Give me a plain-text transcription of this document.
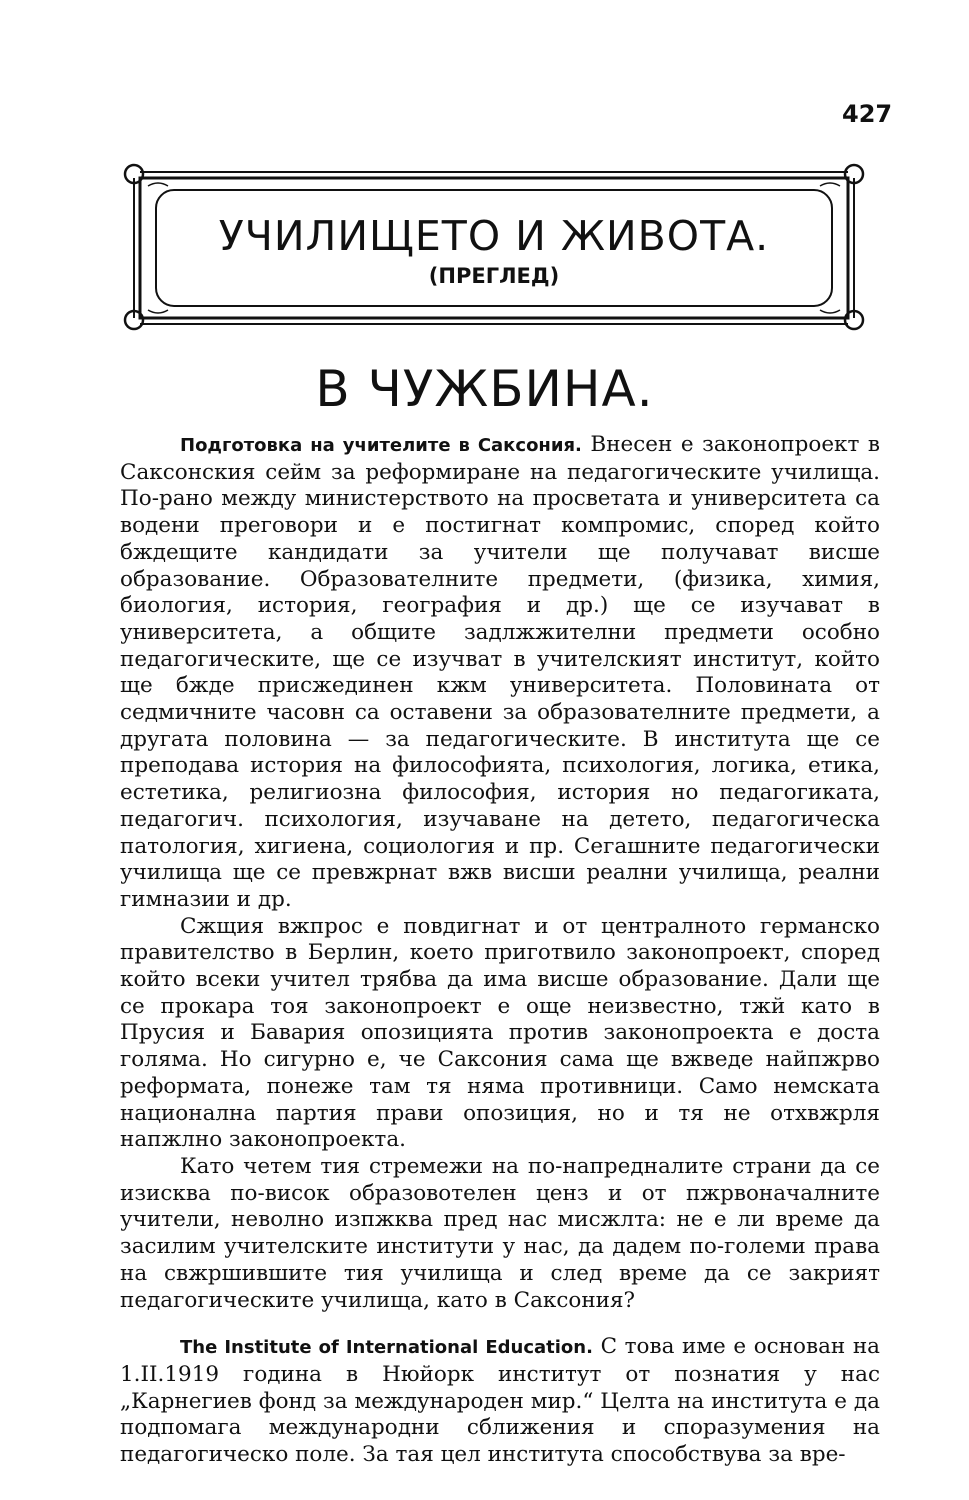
427
УЧИЛИЩЕТО И ЖИВОТА.
(ПРЕГЛЕД)
В ЧУЖБИНА.

Подготовка на учителите в Саксония. Внесен е законопроект в Саксонския сейм за реформиране на педагогическите училища. По-рано между министерството на просветата и университета са водени преговори и е постигнат компромис, според който бждещите кандидати за учители ще получават висше образование. Образователните предмети, (физика, химия, биология, история, география и др.) ще се изучават в университета, а общите задлжжителни предмети особно педагогическите, ще се изучват в учителският институт, който ще бжде присжединен кжм университета. Половината от седмичните часовн са оставени за образователните предмети, а другата половина — за педагогическите. В института ще се преподава история на философията, психология, логика, етика, естетика, религиозна философия, история но педагогиката, педагогич. психология, изучаване на детето, педагогическа патология, хигиена, социология и пр. Сегашните педагогически училища ще се превжрнат вжв висши реални училища, реални гимназии и др.

Сжщия вжпрос е повдигнат и от централното германско правителство в Берлин, което приготвило законопроект, според който всеки учител трябва да има висше образование. Дали ще се прокара тоя законопроект е още неизвестно, тжй като в Прусия и Бавария опозицията против законопроекта е доста голяма. Но сигурно е, че Саксония сама ще вжведе найпжрво реформата, понеже там тя няма противници. Само немската национална партия прави опозиция, но и тя не отхвжрля напжлно законопроекта.

Като четем тия стремежи на по-напредналите страни да се изисква по-висок образовотелен ценз и от пжрвоначалните учители, неволно изпжква пред нас мисжлта: не е ли време да засилим учителските институти у нас, да дадем по-големи права на свжршившите тия училища и след време да се закрият педагогическите училища, като в Саксония?

The Institute of International Education. С това име е основан на 1.II.1919 година в Нюйорк институт от познатия у нас „Карнегиев фонд за международен мир.“ Целта на института е да подпомага международни сближения и споразумения на педагогическо поле. За тая цел института способствува за вре-
